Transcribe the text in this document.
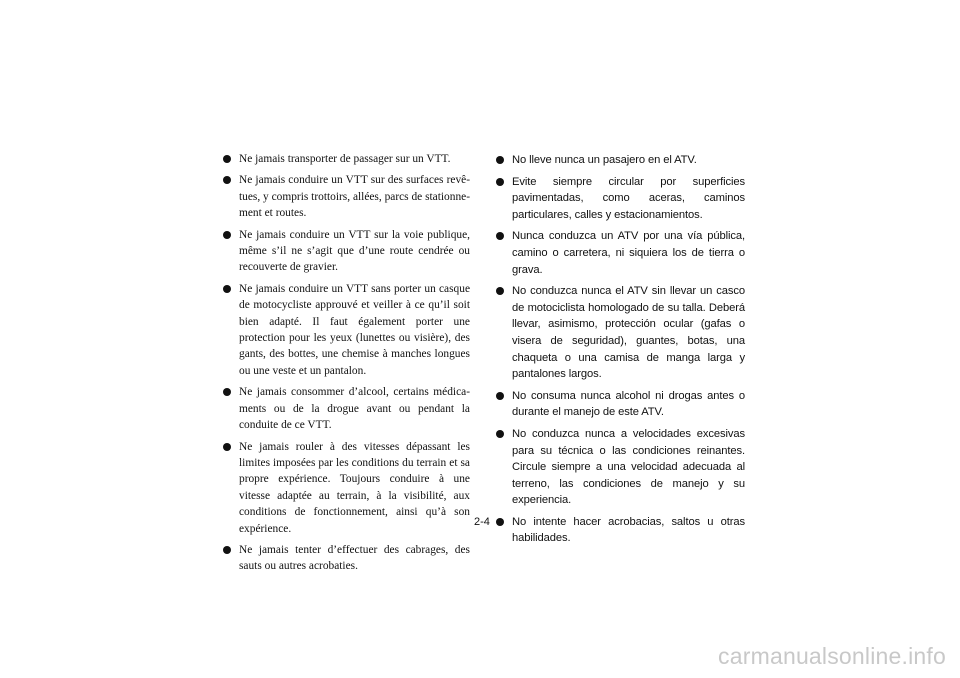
Ne jamais transporter de passager sur un VTT.
Ne jamais conduire un VTT sur des surfaces revêtues, y compris trottoirs, allées, parcs de stationnement et routes.
Ne jamais conduire un VTT sur la voie publique, même s’il ne s’agit que d’une route cendrée ou recouverte de gravier.
Ne jamais conduire un VTT sans porter un casque de motocycliste approuvé et veiller à ce qu’il soit bien adapté. Il faut également porter une protection pour les yeux (lunettes ou visière), des gants, des bottes, une chemise à manches longues ou une veste et un pantalon.
Ne jamais consommer d’alcool, certains médicaments ou de la drogue avant ou pendant la conduite de ce VTT.
Ne jamais rouler à des vitesses dépassant les limites imposées par les conditions du terrain et sa propre expérience. Toujours conduire à une vitesse adaptée au terrain, à la visibilité, aux conditions de fonctionnement, ainsi qu’à son expérience.
Ne jamais tenter d’effectuer des cabrages, des sauts ou autres acrobaties.
No lleve nunca un pasajero en el ATV.
Evite siempre circular por superficies pavimentadas, como aceras, caminos particulares, calles y estacionamientos.
Nunca conduzca un ATV por una vía pública, camino o carretera, ni siquiera los de tierra o grava.
No conduzca nunca el ATV sin llevar un casco de motociclista homologado de su talla. Deberá llevar, asimismo, protección ocular (gafas o visera de seguridad), guantes, botas, una chaqueta o una camisa de manga larga y pantalones largos.
No consuma nunca alcohol ni drogas antes o durante el manejo de este ATV.
No conduzca nunca a velocidades excesivas para su técnica o las condiciones reinantes. Circule siempre a una velocidad adecuada al terreno, las condiciones de manejo y su experiencia.
No intente hacer acrobacias, saltos u otras habilidades.
2-4
carmanualsonline.info
